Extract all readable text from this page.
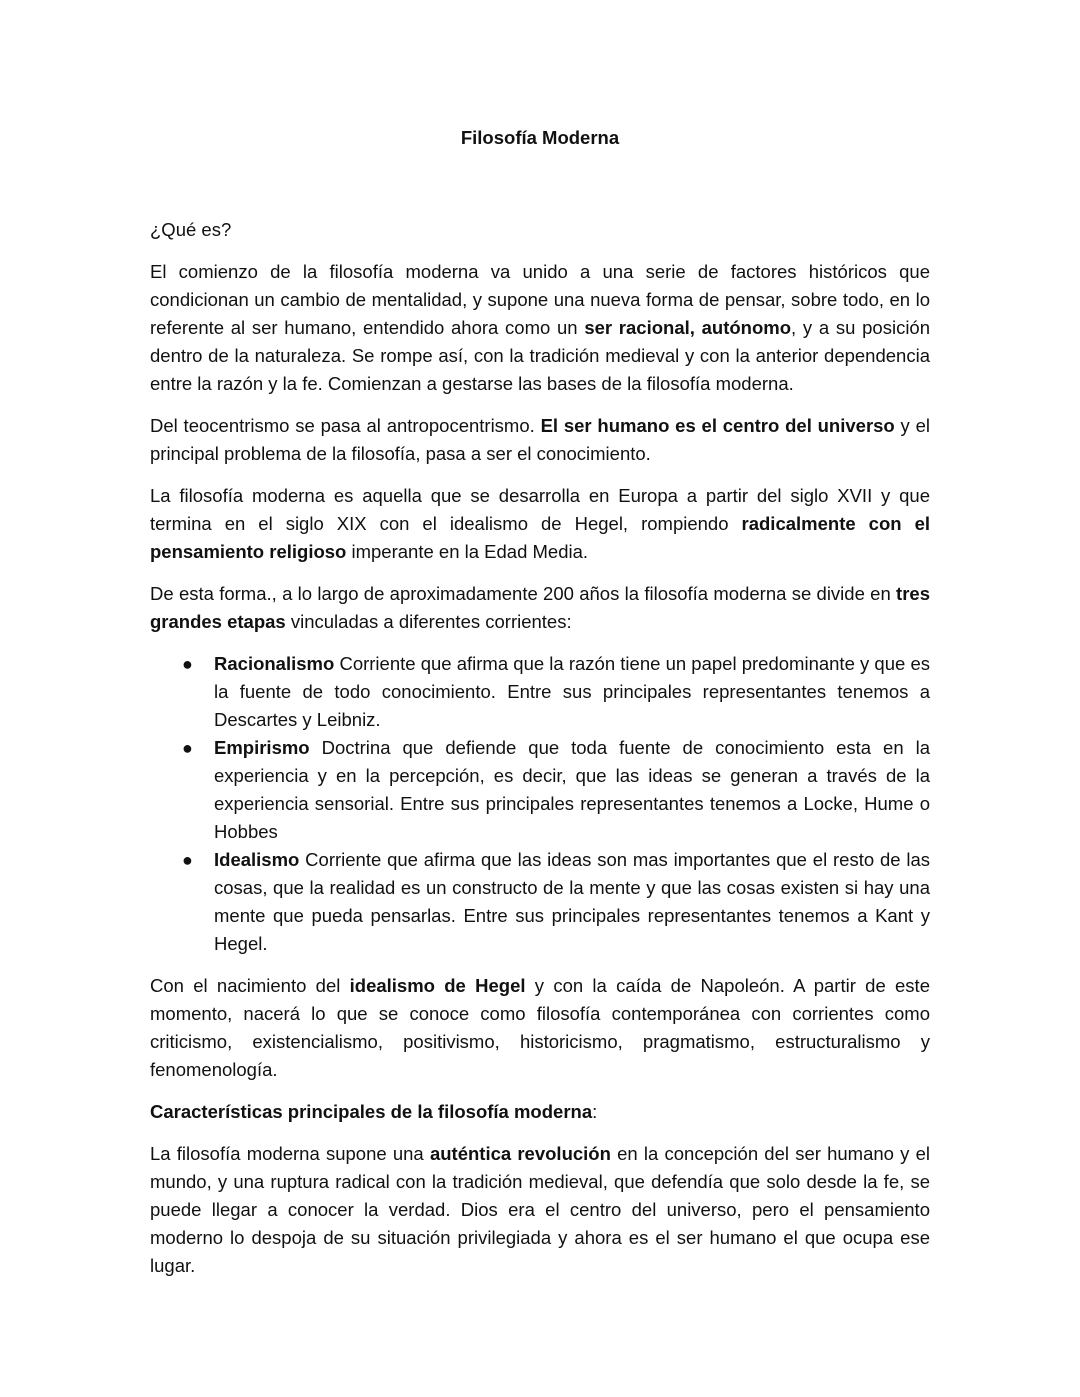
Filosofía Moderna
¿Qué es?
El comienzo de la filosofía moderna va unido a una serie de factores históricos que condicionan un cambio de mentalidad, y supone una nueva forma de pensar, sobre todo, en lo referente al ser humano, entendido ahora como un ser racional, autónomo, y a su posición dentro de la naturaleza. Se rompe así, con la tradición medieval y con la anterior dependencia entre la razón y la fe. Comienzan a gestarse las bases de la filosofía moderna.
Del teocentrismo se pasa al antropocentrismo. El ser humano es el centro del universo y el principal problema de la filosofía, pasa a ser el conocimiento.
La filosofía moderna es aquella que se desarrolla en Europa a partir del siglo XVII y que termina en el siglo XIX con el idealismo de Hegel, rompiendo radicalmente con el pensamiento religioso imperante en la Edad Media.
De esta forma., a lo largo de aproximadamente 200 años la filosofía moderna se divide en tres grandes etapas vinculadas a diferentes corrientes:
● Racionalismo Corriente que afirma que la razón tiene un papel predominante y que es la fuente de todo conocimiento. Entre sus principales representantes tenemos a Descartes y Leibniz.
● Empirismo Doctrina que defiende que toda fuente de conocimiento esta en la experiencia y en la percepción, es decir, que las ideas se generan a través de la experiencia sensorial. Entre sus principales representantes tenemos a Locke, Hume o Hobbes
● Idealismo Corriente que afirma que las ideas son mas importantes que el resto de las cosas, que la realidad es un constructo de la mente y que las cosas existen si hay una mente que pueda pensarlas. Entre sus principales representantes tenemos a Kant y Hegel.
Con el nacimiento del idealismo de Hegel y con la caída de Napoleón. A partir de este momento, nacerá lo que se conoce como filosofía contemporánea con corrientes como criticismo, existencialismo, positivismo, historicismo, pragmatismo, estructuralismo y fenomenología.
Características principales de la filosofía moderna:
La filosofía moderna supone una auténtica revolución en la concepción del ser humano y el mundo, y una ruptura radical con la tradición medieval, que defendía que solo desde la fe, se puede llegar a conocer la verdad. Dios era el centro del universo, pero el pensamiento moderno lo despoja de su situación privilegiada y ahora es el ser humano el que ocupa ese lugar.
